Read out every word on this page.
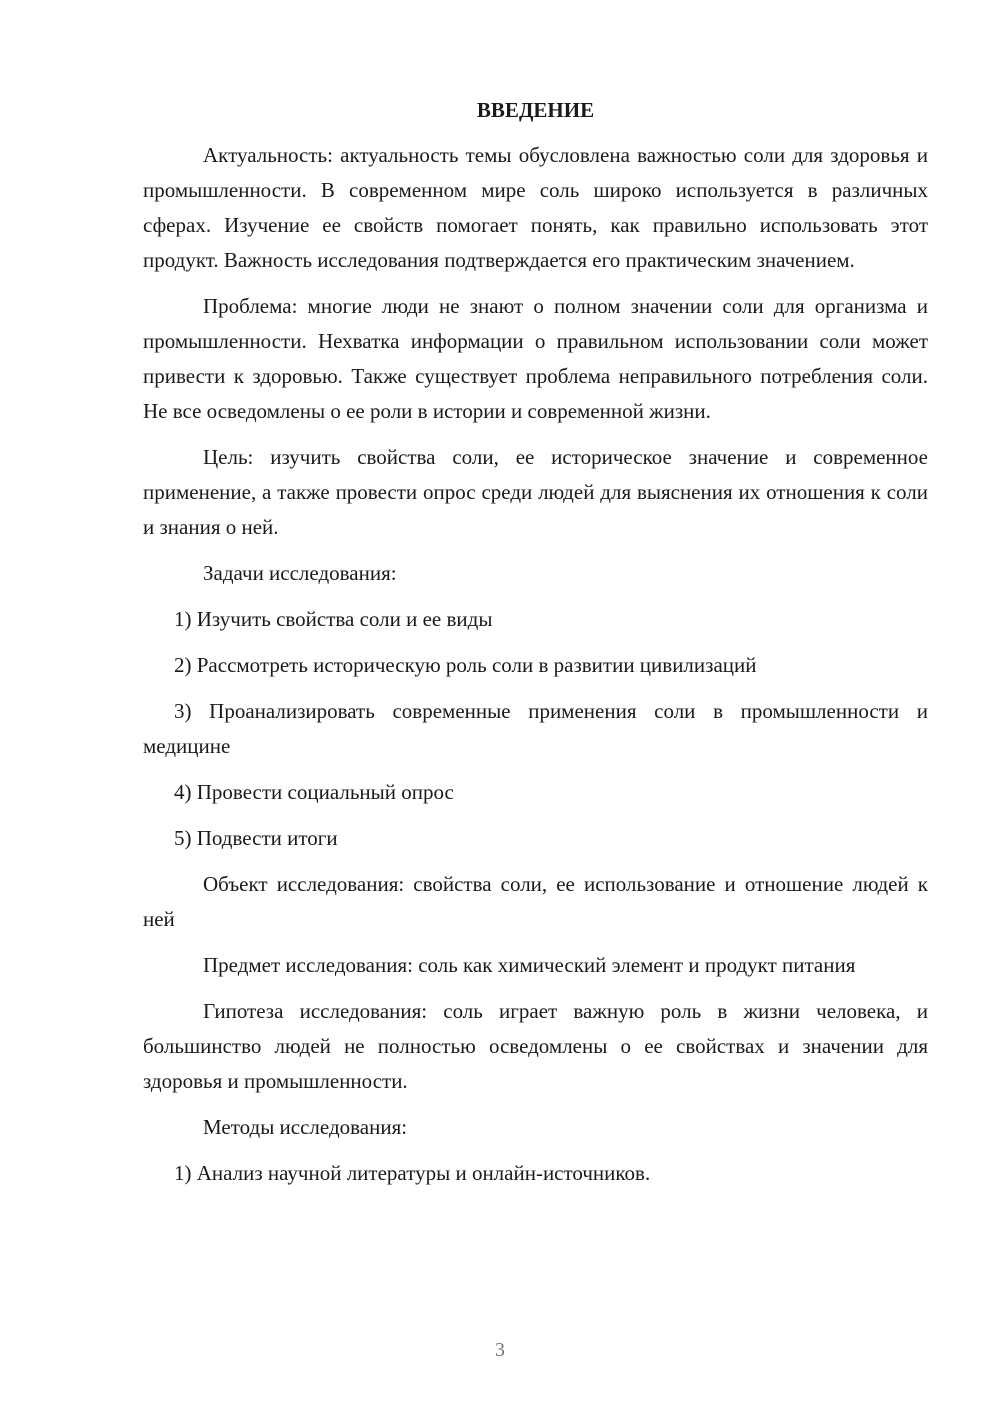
ВВЕДЕНИЕ

Актуальность: актуальность темы обусловлена важностью соли для здоровья и промышленности. В современном мире соль широко используется в различных сферах. Изучение ее свойств помогает понять, как правильно использовать этот продукт. Важность исследования подтверждается его практическим значением.

Проблема: многие люди не знают о полном значении соли для организма и промышленности. Нехватка информации о правильном использовании соли может привести к здоровью. Также существует проблема неправильного потребления соли. Не все осведомлены о ее роли в истории и современной жизни.

Цель: изучить свойства соли, ее историческое значение и современное применение, а также провести опрос среди людей для выяснения их отношения к соли и знания о ней.

Задачи исследования:

1) Изучить свойства соли и ее виды

2) Рассмотреть историческую роль соли в развитии цивилизаций

3) Проанализировать современные применения соли в промышленности и медицине

4) Провести социальный опрос

5) Подвести итоги

Объект исследования: свойства соли, ее использование и отношение людей к ней

Предмет исследования: соль как химический элемент и продукт питания

Гипотеза исследования: соль играет важную роль в жизни человека, и большинство людей не полностью осведомлены о ее свойствах и значении для здоровья и промышленности.

Методы исследования:

1) Анализ научной литературы и онлайн-источников.

3
